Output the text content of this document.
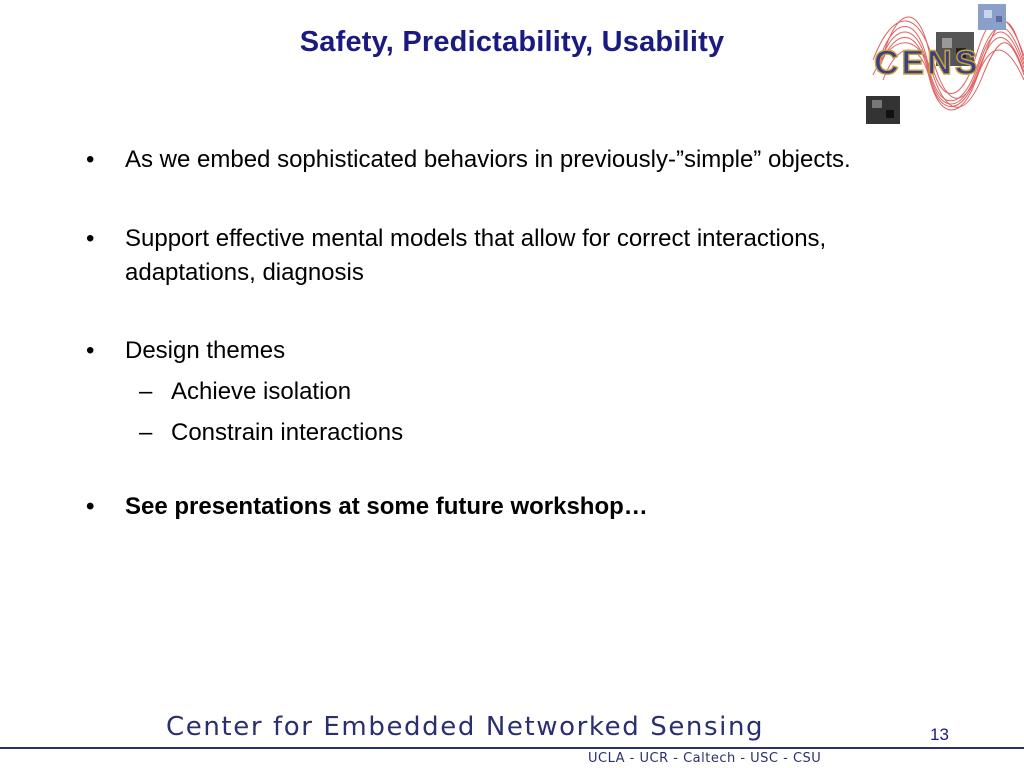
Safety, Predictability, Usability
CENS
• As we embed sophisticated behaviors in previously-”simple” objects.
• Support effective mental models that allow for correct interactions, adaptations, diagnosis
• Design themes
– Achieve isolation
– Constrain interactions
• See presentations at some future workshop…
Center for Embedded Networked Sensing	13
UCLA - UCR - Caltech - USC - CSU
